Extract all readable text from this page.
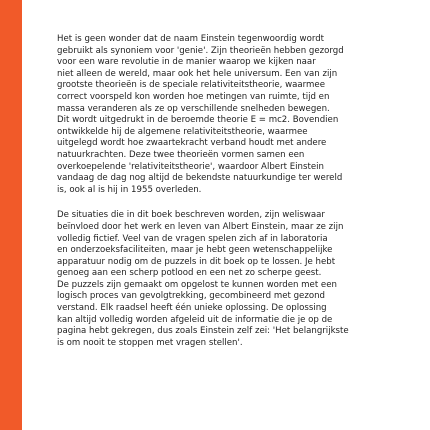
Het is geen wonder dat de naam Einstein tegenwoordig wordt
gebruikt als synoniem voor 'genie'. Zijn theorieën hebben gezorgd
voor een ware revolutie in de manier waarop we kijken naar
niet alleen de wereld, maar ook het hele universum. Een van zijn
grootste theorieën is de speciale relativiteitstheorie, waarmee
correct voorspeld kon worden hoe metingen van ruimte, tijd en
massa veranderen als ze op verschillende snelheden bewegen.
Dit wordt uitgedrukt in de beroemde theorie E = mc2. Bovendien
ontwikkelde hij de algemene relativiteitstheorie, waarmee
uitgelegd wordt hoe zwaartekracht verband houdt met andere
natuurkrachten. Deze twee theorieën vormen samen een
overkoepelende 'relativiteitstheorie', waardoor Albert Einstein
vandaag de dag nog altijd de bekendste natuurkundige ter wereld
is, ook al is hij in 1955 overleden.
De situaties die in dit boek beschreven worden, zijn weliswaar
beïnvloed door het werk en leven van Albert Einstein, maar ze zijn
volledig fictief. Veel van de vragen spelen zich af in laboratoria
en onderzoeksfaciliteiten, maar je hebt geen wetenschappelijke
apparatuur nodig om de puzzels in dit boek op te lossen. Je hebt
genoeg aan een scherp potlood en een net zo scherpe geest.
De puzzels zijn gemaakt om opgelost te kunnen worden met een
logisch proces van gevolgtrekking, gecombineerd met gezond
verstand. Elk raadsel heeft één unieke oplossing. De oplossing
kan altijd volledig worden afgeleid uit de informatie die je op de
pagina hebt gekregen, dus zoals Einstein zelf zei: 'Het belangrijkste
is om nooit te stoppen met vragen stellen'.
